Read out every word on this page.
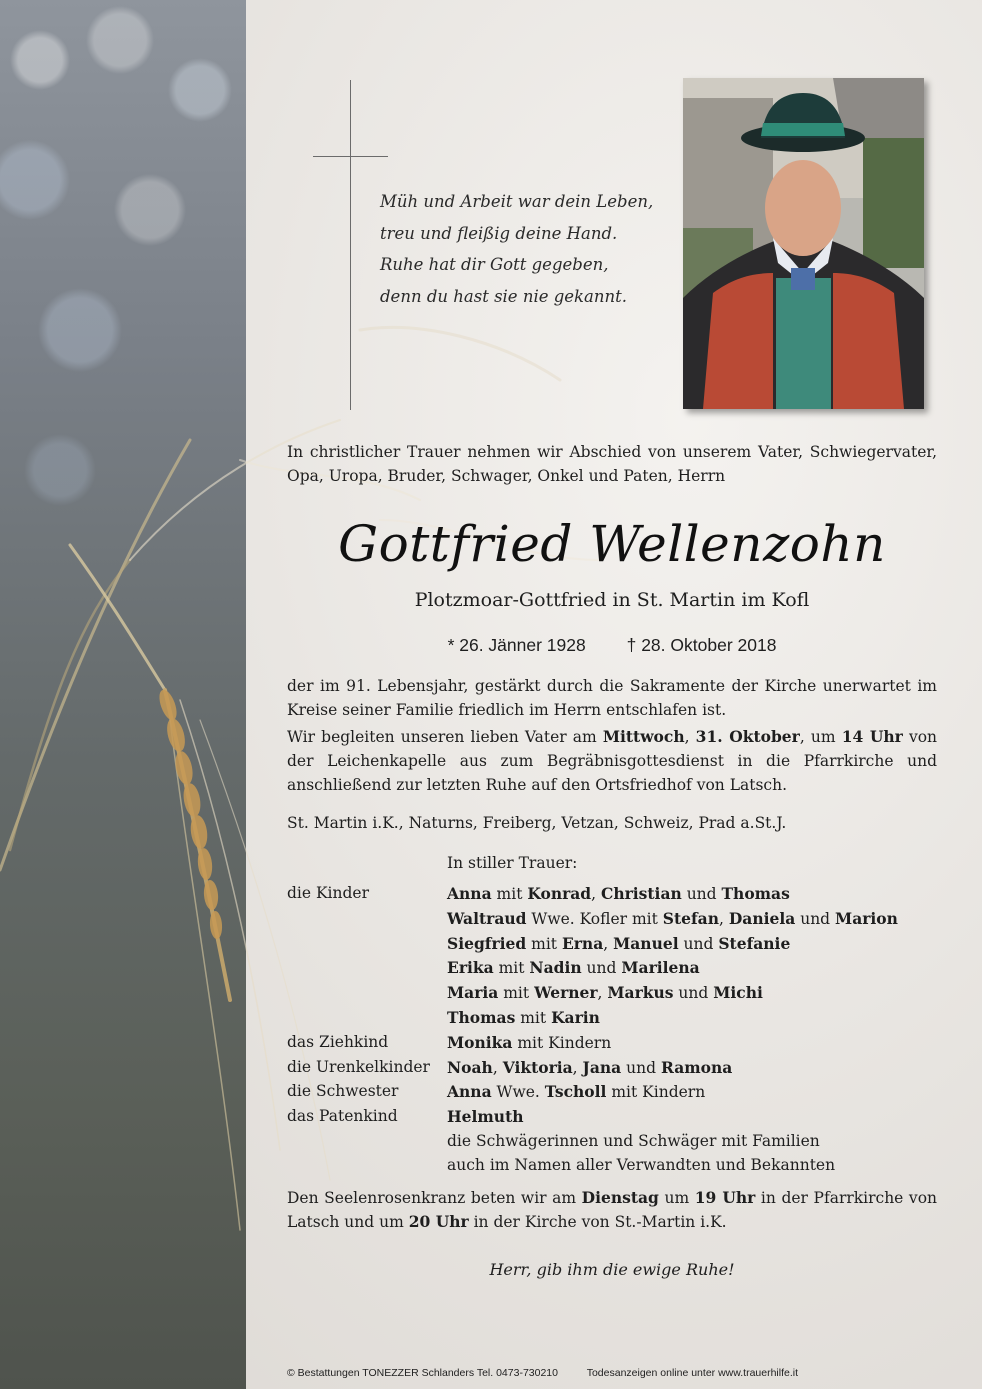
Müh und Arbeit war dein Leben,
treu und fleißig deine Hand.
Ruhe hat dir Gott gegeben,
denn du hast sie nie gekannt.
In christlicher Trauer nehmen wir Abschied von unserem Vater, Schwiegervater, Opa, Uropa, Bruder, Schwager, Onkel und Paten, Herrn
Gottfried Wellenzohn
Plotzmoar-Gottfried in St. Martin im Kofl
* 26. Jänner 1928 † 28. Oktober 2018
der im 91. Lebensjahr, gestärkt durch die Sakramente der Kirche unerwartet im Kreise seiner Familie friedlich im Herrn entschlafen ist.
Wir begleiten unseren lieben Vater am Mittwoch, 31. Oktober, um 14 Uhr von der Leichenkapelle aus zum Begräbnisgottesdienst in die Pfarrkirche und anschließend zur letzten Ruhe auf den Ortsfriedhof von Latsch.
St. Martin i.K., Naturns, Freiberg, Vetzan, Schweiz, Prad a.St.J.
In stiller Trauer:
die Kinder	Anna mit Konrad, Christian und Thomas
Waltraud Wwe. Kofler mit Stefan, Daniela und Marion
Siegfried mit Erna, Manuel und Stefanie
Erika mit Nadin und Marilena
Maria mit Werner, Markus und Michi
Thomas mit Karin
das Ziehkind	Monika mit Kindern
die Urenkelkinder	Noah, Viktoria, Jana und Ramona
die Schwester	Anna Wwe. Tscholl mit Kindern
das Patenkind	Helmuth
die Schwägerinnen und Schwäger mit Familien
auch im Namen aller Verwandten und Bekannten
Den Seelenrosenkranz beten wir am Dienstag um 19 Uhr in der Pfarrkirche von Latsch und um 20 Uhr in der Kirche von St.-Martin i.K.
Herr, gib ihm die ewige Ruhe!
© Bestattungen TONEZZER Schlanders Tel. 0473-730210	Todesanzeigen online unter www.trauerhilfe.it
